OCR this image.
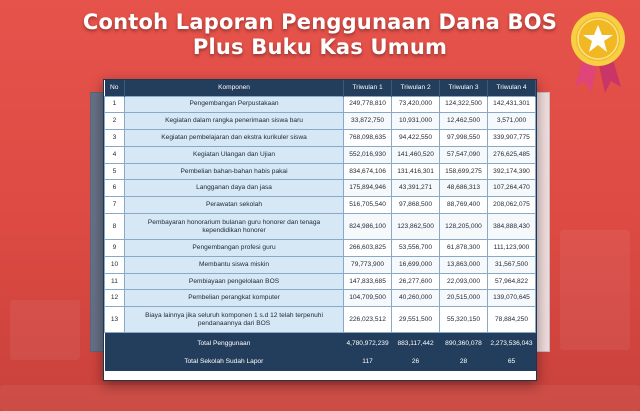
Contoh Laporan Penggunaan Dana BOS
Plus Buku Kas Umum
No	Komponen	Triwulan 1	Triwulan 2	Triwulan 3	Triwulan 4
1	Pengembangan Perpustakaan	249,778,810	73,420,000	124,322,500	142,431,301
2	Kegiatan dalam rangka penerimaan siswa baru	33,872,750	10,931,000	12,462,500	3,571,000
3	Kegiatan pembelajaran dan ekstra kurikuler siswa	768,098,635	94,422,550	97,998,550	339,907,775
4	Kegiatan Ulangan dan Ujian	552,016,930	141,460,520	57,547,090	276,625,485
5	Pembelian bahan-bahan habis pakai	834,674,106	131,416,301	158,699,275	392,174,390
6	Langganan daya dan jasa	175,894,946	43,391,271	48,686,313	107,264,470
7	Perawatan sekolah	516,705,540	97,868,500	88,769,400	208,062,075
8	Pembayaran honorarium bulanan guru honorer dan tenaga kependidikan honorer	824,986,100	123,862,500	128,205,000	384,888,430
9	Pengembangan profesi guru	266,603,825	53,556,700	61,878,300	111,123,900
10	Membantu siswa miskin	79,773,900	16,699,000	13,863,000	31,567,500
11	Pembiayaan pengelolaan BOS	147,833,685	26,277,600	22,093,000	57,964,822
12	Pembelian perangkat komputer	104,709,500	40,260,000	20,515,000	139,070,645
13	Biaya lainnya jika seluruh komponen 1 s.d 12 telah terpenuhi pendanaannya dari BOS	226,023,512	29,551,500	55,320,150	78,884,250
Total Penggunaan		4,780,972,239	883,117,442	890,360,078	2,273,536,043
Total Sekolah Sudah Lapor		117	26	28	65
